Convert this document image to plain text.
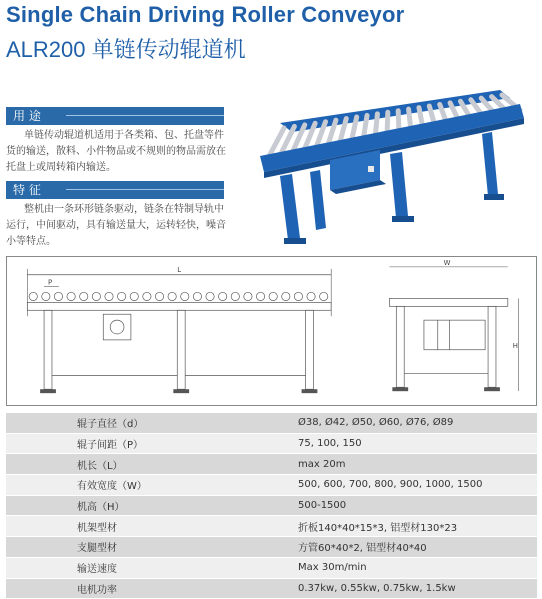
Single Chain Driving Roller Conveyor
ALR200 单链传动辊道机
用 途
单链传动辊道机适用于各类箱、包、托盘等件货的输送，散料、小件物品或不规则的物品需放在托盘上或周转箱内输送。
特 征
整机由一条环形链条驱动，链条在特制导轨中运行，中间驱动，具有输送量大，运转轻快，噪音小等特点。
L
P
W
H
辊子直径（d）	Ø38, Ø42, Ø50, Ø60, Ø76, Ø89
辊子间距（P）	75, 100, 150
机长（L）	max 20m
有效宽度（W）	500, 600, 700, 800, 900, 1000, 1500
机高（H）	500-1500
机架型材	折板140*40*15*3, 铝型材130*23
支腿型材	方管60*40*2, 铝型材40*40
输送速度	Max 30m/min
电机功率	0.37kw, 0.55kw, 0.75kw, 1.5kw
